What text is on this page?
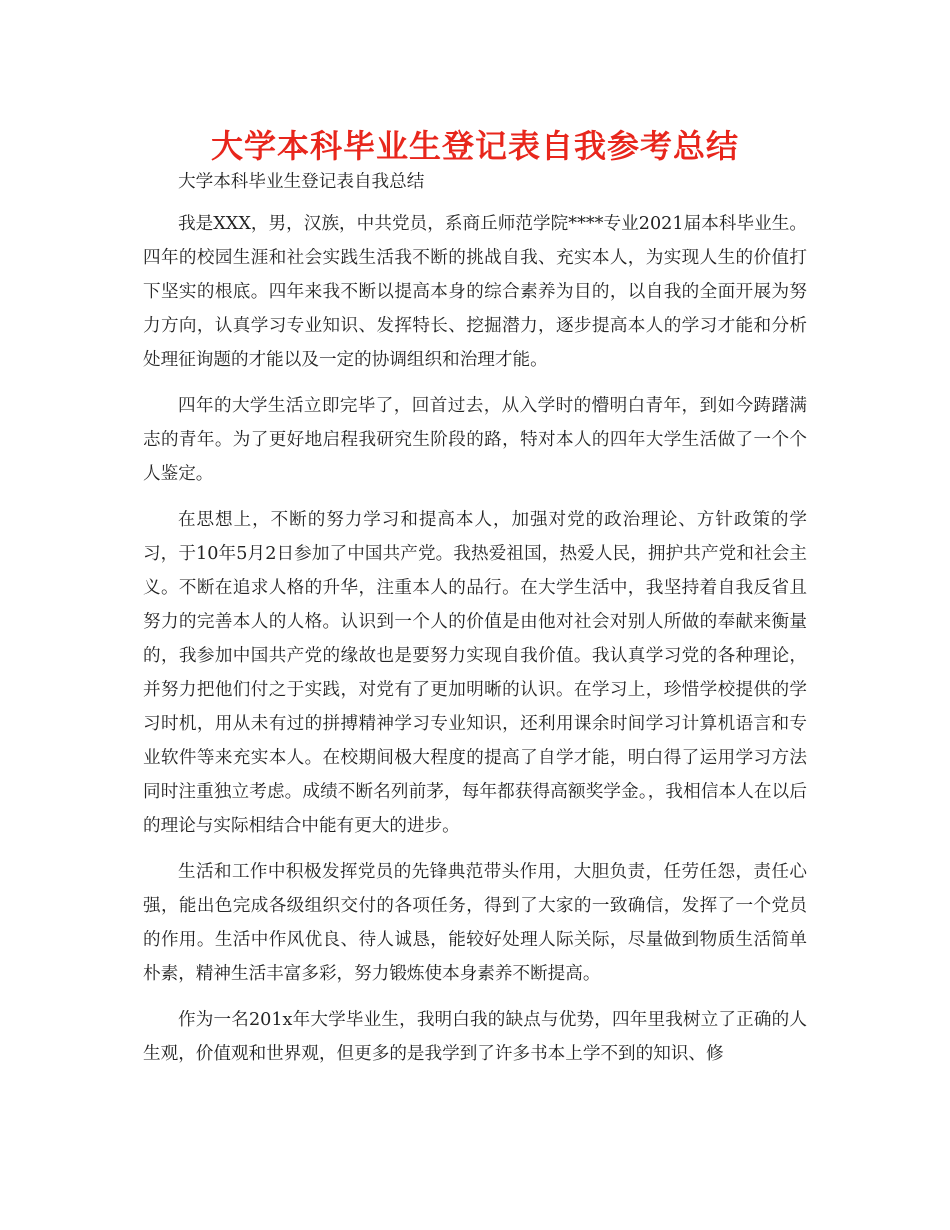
大学本科毕业生登记表自我参考总结

大学本科毕业生登记表自我总结

我是XXX，男，汉族，中共党员，系商丘师范学院****专业2021届本科毕业生。四年的校园生涯和社会实践生活我不断的挑战自我、充实本人，为实现人生的价值打下坚实的根底。四年来我不断以提高本身的综合素养为目的，以自我的全面开展为努力方向，认真学习专业知识、发挥特长、挖掘潜力，逐步提高本人的学习才能和分析处理征询题的才能以及一定的协调组织和治理才能。

四年的大学生活立即完毕了，回首过去，从入学时的懵明白青年，到如今踌躇满志的青年。为了更好地启程我研究生阶段的路，特对本人的四年大学生活做了一个个人鉴定。

在思想上，不断的努力学习和提高本人，加强对党的政治理论、方针政策的学习，于10年5月2日参加了中国共产党。我热爱祖国，热爱人民，拥护共产党和社会主义。不断在追求人格的升华，注重本人的品行。在大学生活中，我坚持着自我反省且努力的完善本人的人格。认识到一个人的价值是由他对社会对别人所做的奉献来衡量的，我参加中国共产党的缘故也是要努力实现自我价值。我认真学习党的各种理论，并努力把他们付之于实践，对党有了更加明晰的认识。在学习上，珍惜学校提供的学习时机，用从未有过的拼搏精神学习专业知识，还利用课余时间学习计算机语言和专业软件等来充实本人。在校期间极大程度的提高了自学才能，明白得了运用学习方法同时注重独立考虑。成绩不断名列前茅，每年都获得高额奖学金。，我相信本人在以后的理论与实际相结合中能有更大的进步。

生活和工作中积极发挥党员的先锋典范带头作用，大胆负责，任劳任怨，责任心强，能出色完成各级组织交付的各项任务，得到了大家的一致确信，发挥了一个党员的作用。生活中作风优良、待人诚恳，能较好处理人际关际，尽量做到物质生活简单朴素，精神生活丰富多彩，努力锻炼使本身素养不断提高。

作为一名201x年大学毕业生，我明白我的缺点与优势，四年里我树立了正确的人生观，价值观和世界观，但更多的是我学到了许多书本上学不到的知识、修
